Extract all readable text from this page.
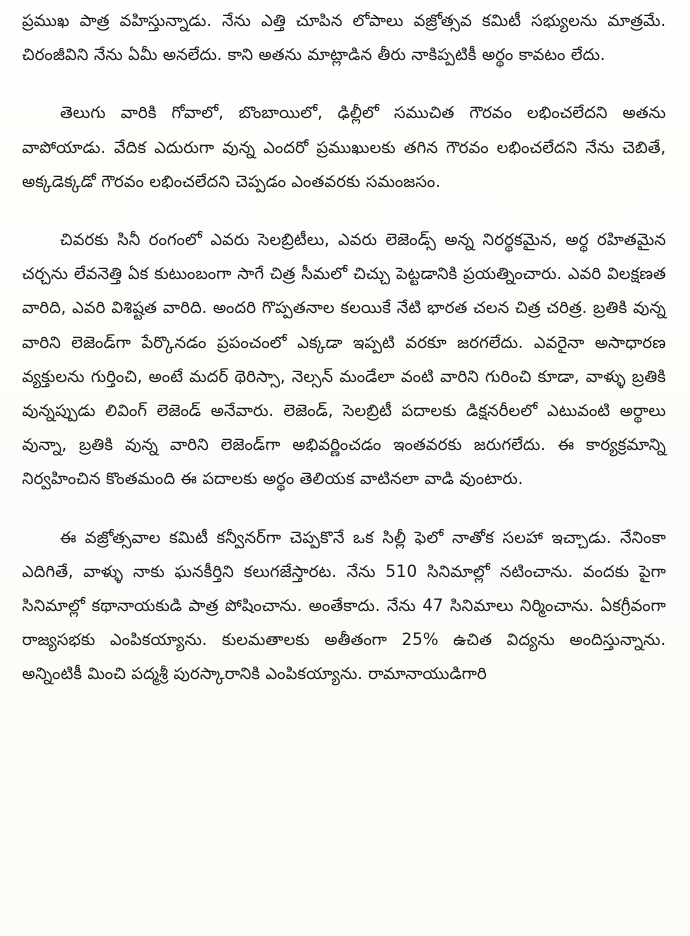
ప్రముఖ పాత్ర వహిస్తున్నాడు. నేను ఎత్తి చూపిన లోపాలు వజ్రోత్సవ కమిటీ సభ్యులను మాత్రమే. చిరంజీవిని నేను ఏమీ అనలేదు. కాని అతను మాట్లాడిన తీరు నాకిప్పటికీ అర్థం కావటం లేదు.

తెలుగు వారికి గోవాలో, బొంబాయిలో, ఢిల్లీలో సముచిత గౌరవం లభించలేదని అతను వాపోయాడు. వేదిక ఎదురుగా వున్న ఎందరో ప్రముఖులకు తగిన గౌరవం లభించలేదని నేను చెబితే, అక్కడెక్కడో గౌరవం లభించలేదని చెప్పడం ఎంతవరకు సమంజసం.

చివరకు సినీ రంగంలో ఎవరు సెలబ్రిటీలు, ఎవరు లెజెండ్స్ అన్న నిరర్థకమైన, అర్థ రహితమైన చర్చను లేవనెత్తి ఏక కుటుంబంగా సాగే చిత్ర సీమలో చిచ్చు పెట్టడానికి ప్రయత్నించారు. ఎవరి విలక్షణత వారిది, ఎవరి విశిష్టత వారిది. అందరి గొప్పతనాల కలయికే నేటి భారత చలన చిత్ర చరిత్ర. బ్రతికి వున్న వారిని లెజెండ్‌గా పేర్కొనడం ప్రపంచంలో ఎక్కడా ఇప్పటి వరకూ జరగలేదు. ఎవరైనా అసాధారణ వ్యక్తులను గుర్తించి, అంటే మదర్ థెరిస్సా, నెల్సన్ మండేలా వంటి వారిని గురించి కూడా, వాళ్ళు బ్రతికి వున్నప్పుడు లివింగ్ లెజెండ్ అనేవారు. లెజెండ్, సెలబ్రిటీ పదాలకు డిక్షనరీలలో ఎటువంటి అర్థాలు వున్నా, బ్రతికి వున్న వారిని లెజెండ్‌గా అభివర్ణించడం ఇంతవరకు జరుగలేదు. ఈ కార్యక్రమాన్ని నిర్వహించిన కొంతమంది ఈ పదాలకు అర్థం తెలియక వాటినలా వాడి వుంటారు.

ఈ వజ్రోత్సవాల కమిటీ కన్వీనర్‌గా చెప్పకొనే ఒక సిల్లీ ఫెలో నాతోక సలహా ఇచ్చాడు. నేనింకా ఎదిగితే, వాళ్ళు నాకు ఘనకీర్తిని కలుగజేస్తారట. నేను 510 సినిమాల్లో నటించాను. వందకు పైగా సినిమాల్లో కథానాయకుడి పాత్ర పోషించాను. అంతేకాదు. నేను 47 సినిమాలు నిర్మించాను. ఏకగ్రీవంగా రాజ్యసభకు ఎంపికయ్యాను. కులమతాలకు అతీతంగా 25% ఉచిత విద్యను అందిస్తున్నాను. అన్నింటికీ మించి పద్మశ్రీ పురస్కారానికి ఎంపికయ్యాను. రామానాయుడిగారి
